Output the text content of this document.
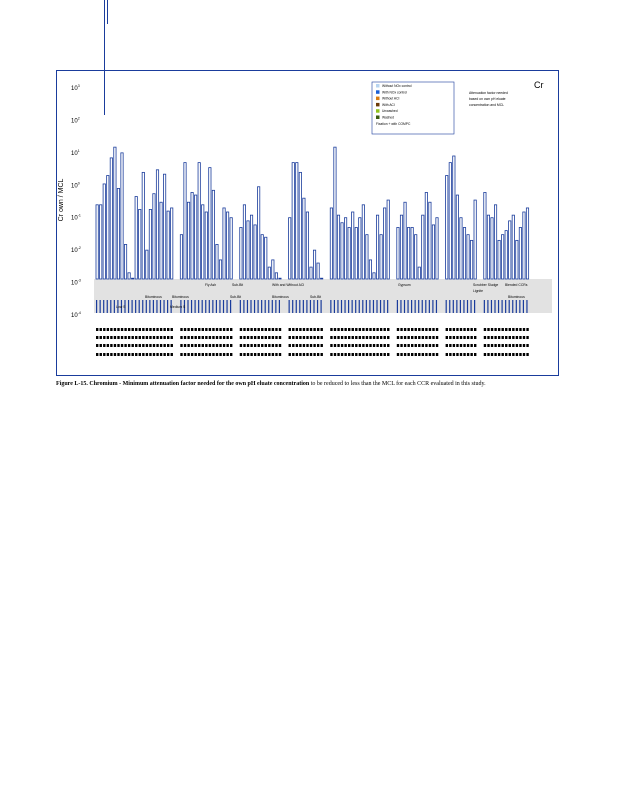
$10^3$
$10^2$
$10^1$
$10^0$
$10^{-1}$
$10^{-2}$
$10^{-3}$
$10^{-4}$
Fly Ash	Sub-Bit	With and Without ACI	Gypsum	Scrubber Sludge Blended CCRs
Bituminous	Bituminous	Sub-Bit	Bituminous	Sub-Bit
Lignite
Bituminous
Low S	Medium S
Cr
Cr own / MCL
Without NOx control
With NOx control
Without ACI
With ACI
Unwashed
Washed
Fixation + with COMPC
Attenuation factor needed
based on own pH eluate
concentration and MCL
Figure L-15. Chromium - Minimum attenuation factor needed for the own pH eluate concentration to be reduced to less than the MCL for each CCR evaluated in this study.
